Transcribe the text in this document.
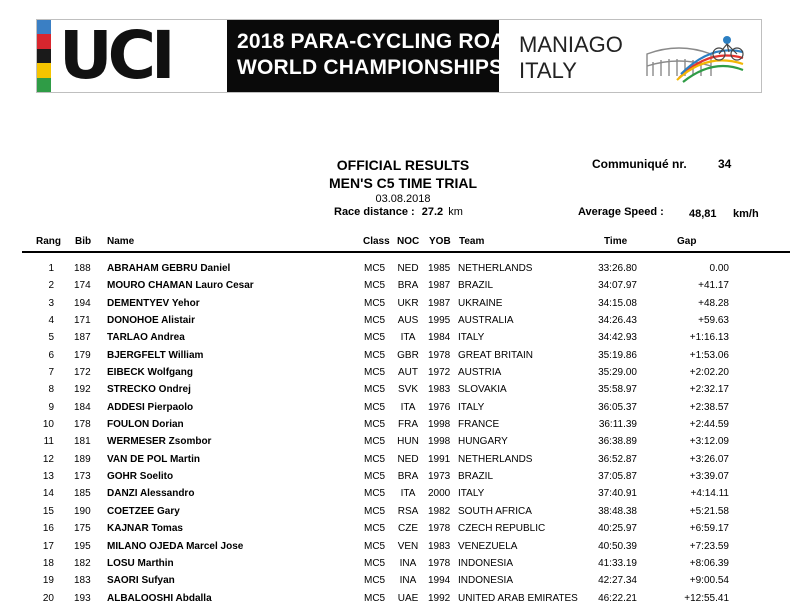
UCI	2018 PARA-CYCLING ROAD
WORLD CHAMPIONSHIPS
MANIAGO
ITALY
OFFICIAL RESULTS
MEN'S C5 TIME TRIAL
03.08.2018
Race distance : 27.2 km
Communiqué nr.	34
Average Speed : 48,81 km/h
Rang Bib Name	Class NOC YOB Team	Time	Gap
1 188 ABRAHAM GEBRU Daniel	MC5 NED 1985 NETHERLANDS	33:26.80	0.00
2 174 MOURO CHAMAN Lauro Cesar	MC5 BRA 1987 BRAZIL	34:07.97	+41.17
3 194 DEMENTYEV Yehor	MC5 UKR 1987 UKRAINE	34:15.08	+48.28
4 171 DONOHOE Alistair	MC5 AUS 1995 AUSTRALIA	34:26.43	+59.63
5 187 TARLAO Andrea	MC5	ITA	1984 ITALY	34:42.93	+1:16.13
6 179 BJERGFELT William	MC5 GBR 1978 GREAT BRITAIN	35:19.86	+1:53.06
7 172 EIBECK Wolfgang	MC5 AUT 1972 AUSTRIA	35:29.00	+2:02.20
8 192 STRECKO Ondrej	MC5 SVK 1983 SLOVAKIA	35:58.97	+2:32.17
9 184 ADDESI Pierpaolo	MC5	ITA	1976 ITALY	36:05.37	+2:38.57
10 178 FOULON Dorian	MC5 FRA 1998 FRANCE	36:11.39	+2:44.59
11 181 WERMESER Zsombor	MC5 HUN 1998 HUNGARY	36:38.89	+3:12.09
12 189 VAN DE POL Martin	MC5 NED 1991 NETHERLANDS	36:52.87	+3:26.07
13 173 GOHR Soelito	MC5 BRA 1973 BRAZIL	37:05.87	+3:39.07
14 185 DANZI Alessandro	MC5	ITA	2000 ITALY	37:40.91	+4:14.11
15 190 COETZEE Gary	MC5 RSA 1982 SOUTH AFRICA	38:48.38	+5:21.58
16 175 KAJNAR Tomas	MC5 CZE 1978 CZECH REPUBLIC	40:25.97	+6:59.17
17 195 MILANO OJEDA Marcel Jose	MC5 VEN 1983 VENEZUELA	40:50.39	+7:23.59
18 182 LOSU Marthin	MC5	INA	1978 INDONESIA	41:33.19	+8:06.39
19 183 SAORI Sufyan	MC5	INA	1994 INDONESIA	42:27.34	+9:00.54
20 193 ALBALOOSHI Abdalla	MC5 UAE 1992 UNITED ARAB EMIRATES	46:22.21	+12:55.41
